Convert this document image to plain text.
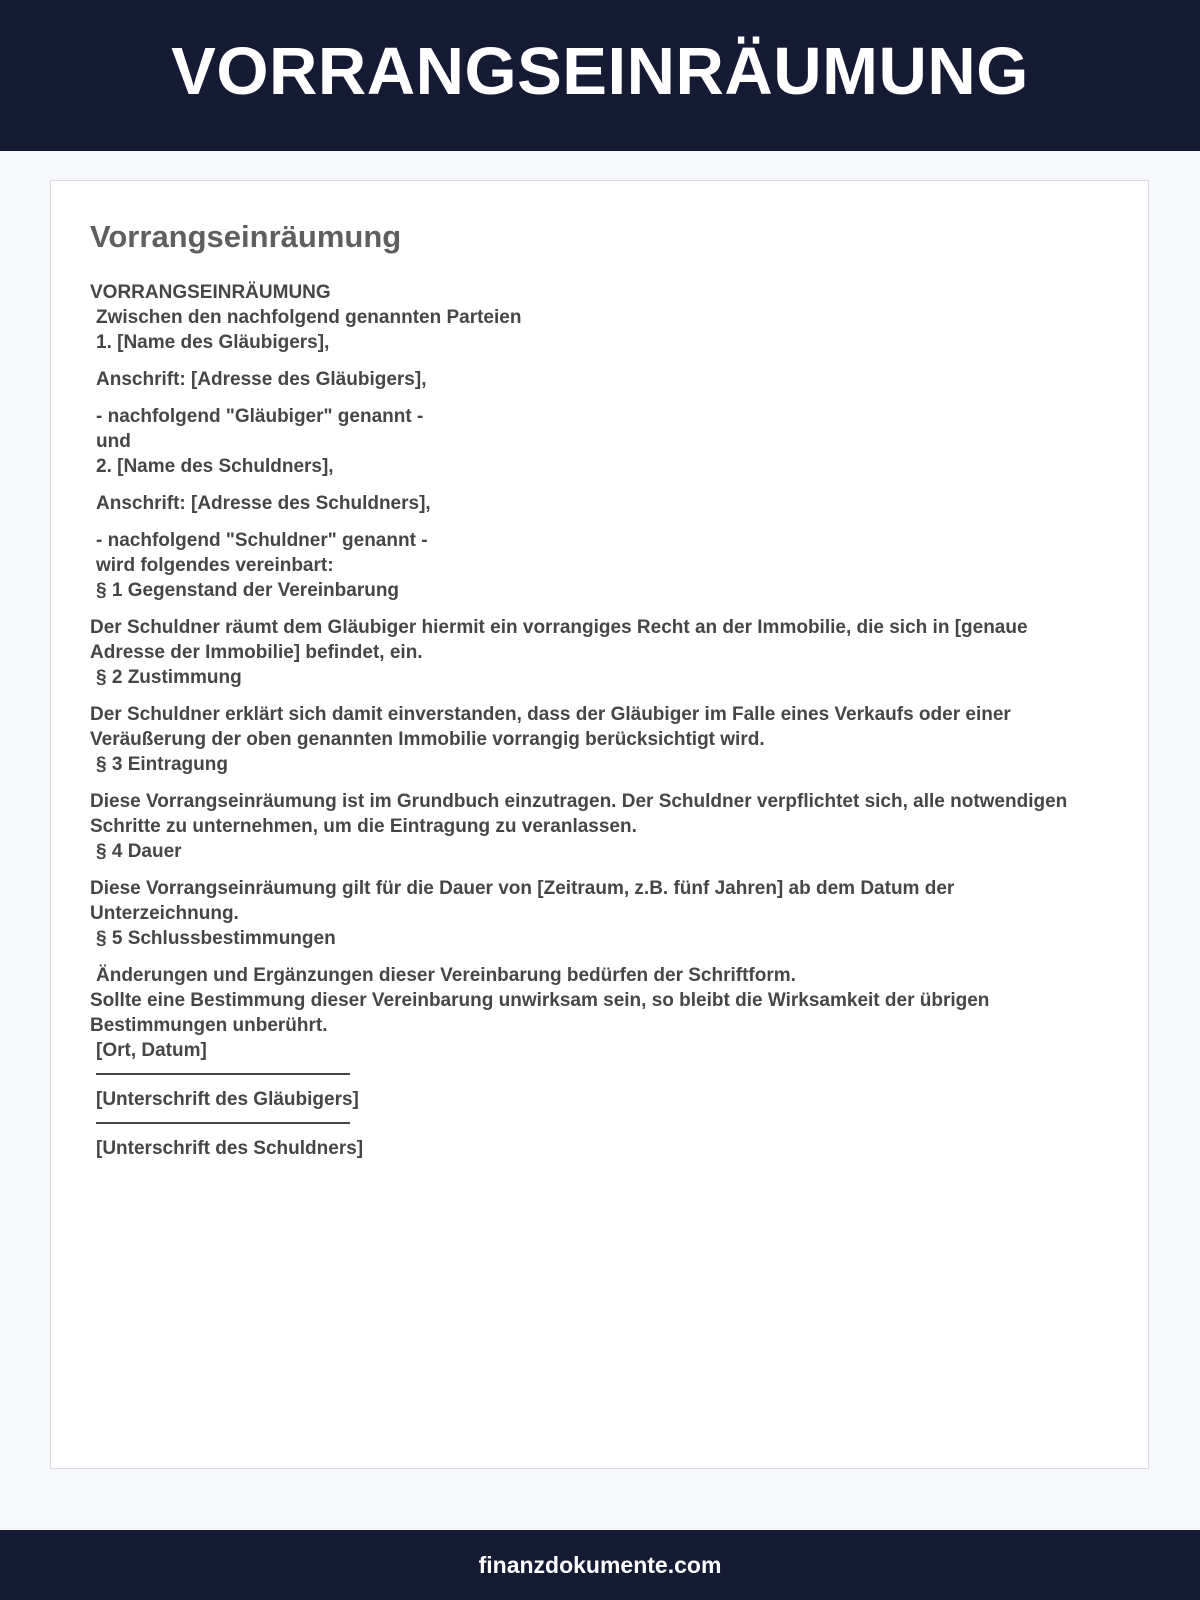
VORRANGSEINRÄUMUNG
Vorrangseinräumung
VORRANGSEINRÄUMUNG
Zwischen den nachfolgend genannten Parteien
1. [Name des Gläubigers],
Anschrift: [Adresse des Gläubigers],
- nachfolgend "Gläubiger" genannt -
und
2. [Name des Schuldners],
Anschrift: [Adresse des Schuldners],
- nachfolgend "Schuldner" genannt -
wird folgendes vereinbart:
§ 1 Gegenstand der Vereinbarung
Der Schuldner räumt dem Gläubiger hiermit ein vorrangiges Recht an der Immobilie, die sich in [genaue Adresse der Immobilie] befindet, ein.
§ 2 Zustimmung
Der Schuldner erklärt sich damit einverstanden, dass der Gläubiger im Falle eines Verkaufs oder einer Veräußerung der oben genannten Immobilie vorrangig berücksichtigt wird.
§ 3 Eintragung
Diese Vorrangseinräumung ist im Grundbuch einzutragen. Der Schuldner verpflichtet sich, alle notwendigen Schritte zu unternehmen, um die Eintragung zu veranlassen.
§ 4 Dauer
Diese Vorrangseinräumung gilt für die Dauer von [Zeitraum, z.B. fünf Jahren] ab dem Datum der Unterzeichnung.
§ 5 Schlussbestimmungen
Änderungen und Ergänzungen dieser Vereinbarung bedürfen der Schriftform.
Sollte eine Bestimmung dieser Vereinbarung unwirksam sein, so bleibt die Wirksamkeit der übrigen Bestimmungen unberührt.
[Ort, Datum]
[Unterschrift des Gläubigers]
[Unterschrift des Schuldners]
finanzdokumente.com
